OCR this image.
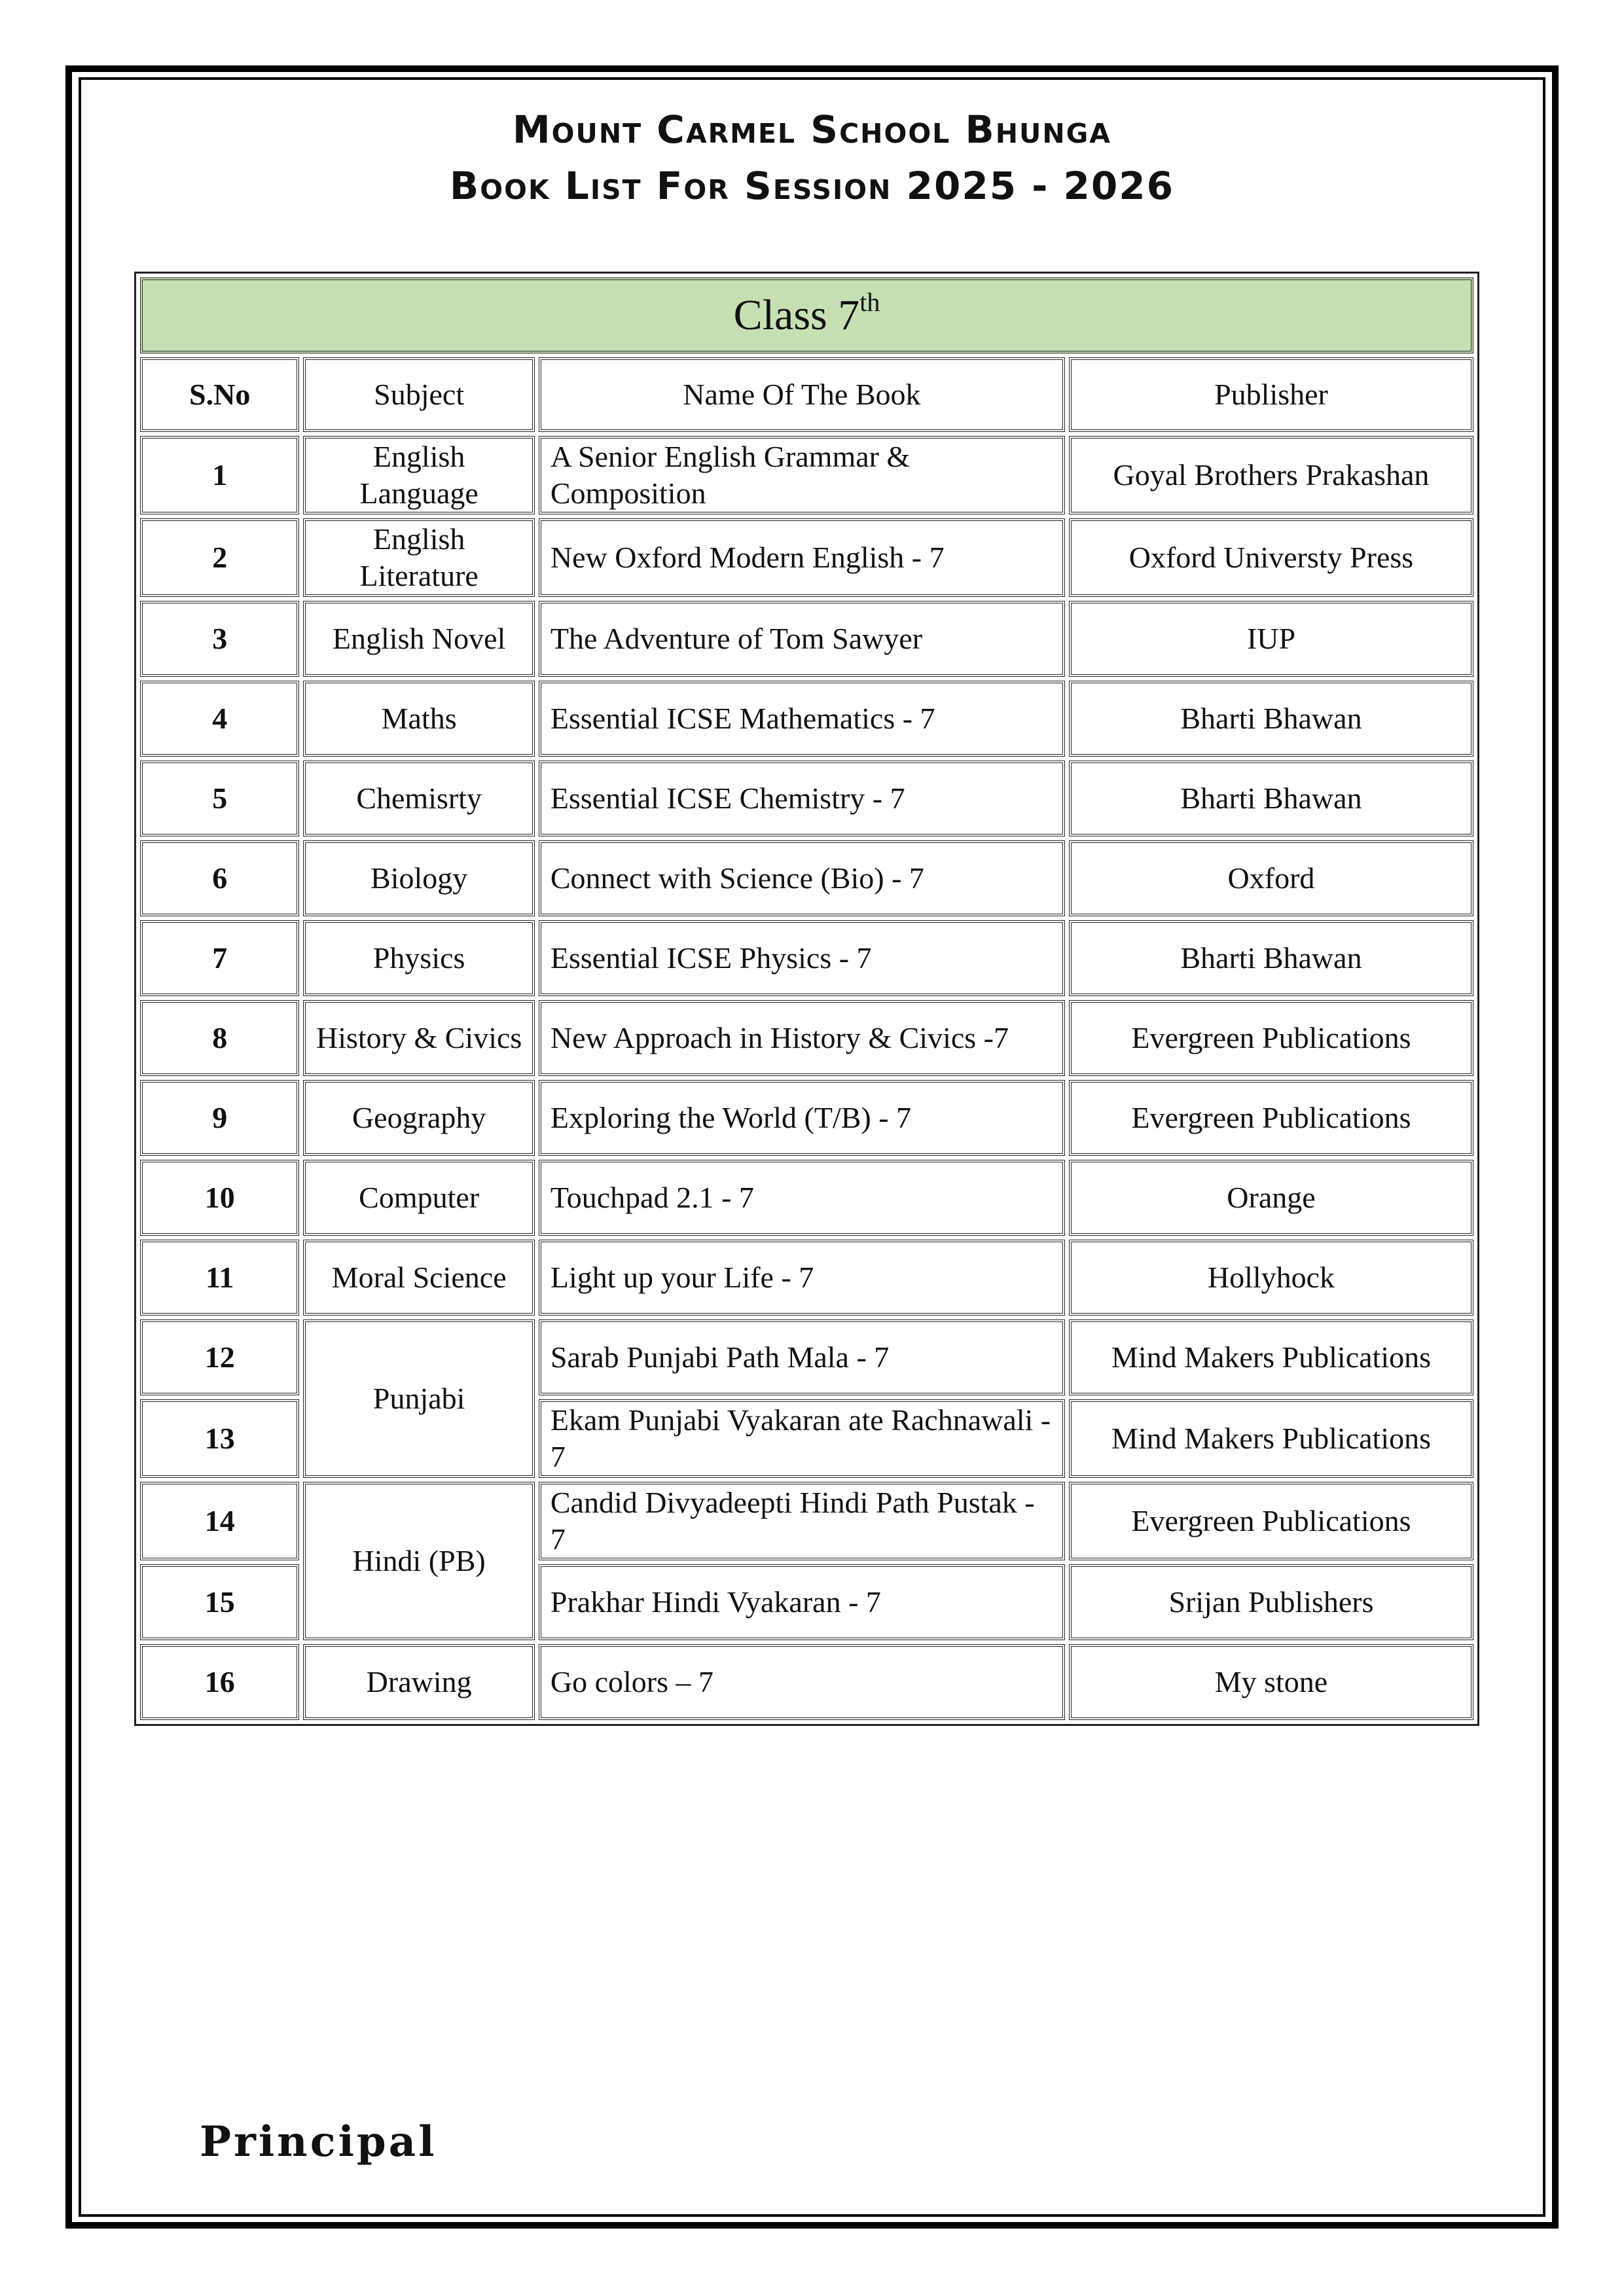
Mount Carmel School Bhunga
Book List For Session 2025 - 2026
Class 7th
S.No	Subject	Name Of The Book	Publisher
1	English Language	A Senior English Grammar & Composition	Goyal Brothers Prakashan
2	English Literature	New Oxford Modern English - 7	Oxford Universty Press
3	English Novel	The Adventure of Tom Sawyer	IUP
4	Maths	Essential ICSE Mathematics - 7	Bharti Bhawan
5	Chemisrty	Essential ICSE Chemistry - 7	Bharti Bhawan
6	Biology	Connect with Science (Bio) - 7	Oxford
7	Physics	Essential ICSE Physics - 7	Bharti Bhawan
8	History & Civics	New Approach in History & Civics -7	Evergreen Publications
9	Geography	Exploring the World (T/B) - 7	Evergreen Publications
10	Computer	Touchpad 2.1 - 7	Orange
11	Moral Science	Light up your Life - 7	Hollyhock
12	Punjabi	Sarab Punjabi Path Mala - 7	Mind Makers Publications
13		Ekam Punjabi Vyakaran ate Rachnawali - 7	Mind Makers Publications
14	Hindi (PB)	Candid Divyadeepti Hindi Path Pustak - 7	Evergreen Publications
15		Prakhar Hindi Vyakaran - 7	Srijan Publishers
16	Drawing	Go colors – 7	My stone
Principal
